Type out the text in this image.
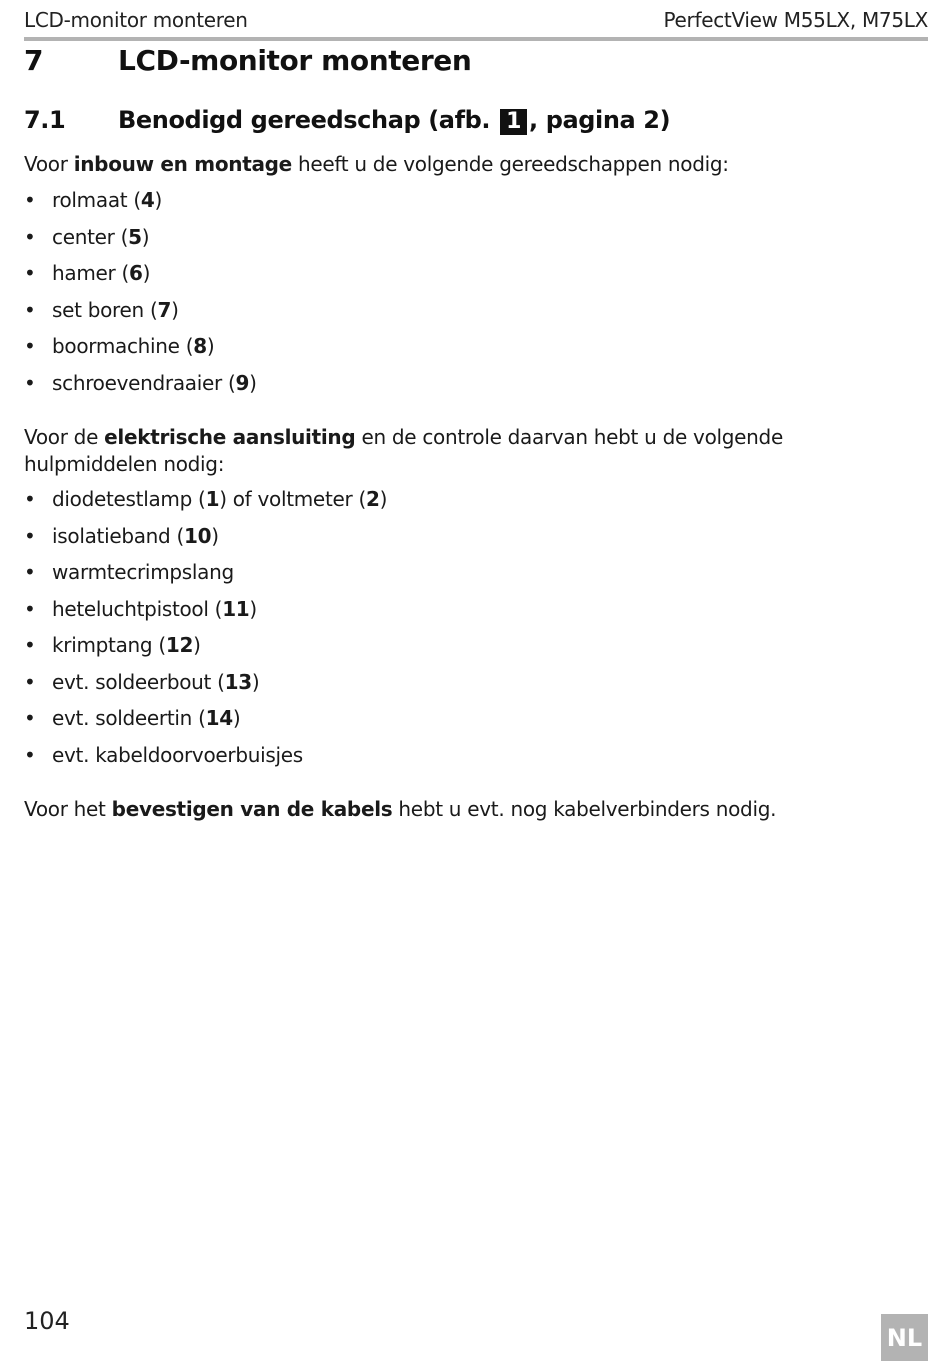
LCD-monitor monteren	PerfectView M55LX, M75LX
7	LCD-monitor monteren
7.1 Benodigd gereedschap (afb. 1 , pagina 2)
Voor inbouw en montage heeft u de volgende gereedschappen nodig:
• rolmaat (4)
• center (5)
• hamer (6)
• set boren (7)
• boormachine (8)
• schroevendraaier (9)
Voor de elektrische aansluiting en de controle daarvan hebt u de volgende hulpmiddelen nodig:
• diodetestlamp (1) of voltmeter (2)
• isolatieband (10)
• warmtecrimpslang
• heteluchtpistool (11)
• krimptang (12)
• evt. soldeerbout (13)
• evt. soldeertin (14)
• evt. kabeldoorvoerbuisjes
Voor het bevestigen van de kabels hebt u evt. nog kabelverbinders nodig.
104
NL
